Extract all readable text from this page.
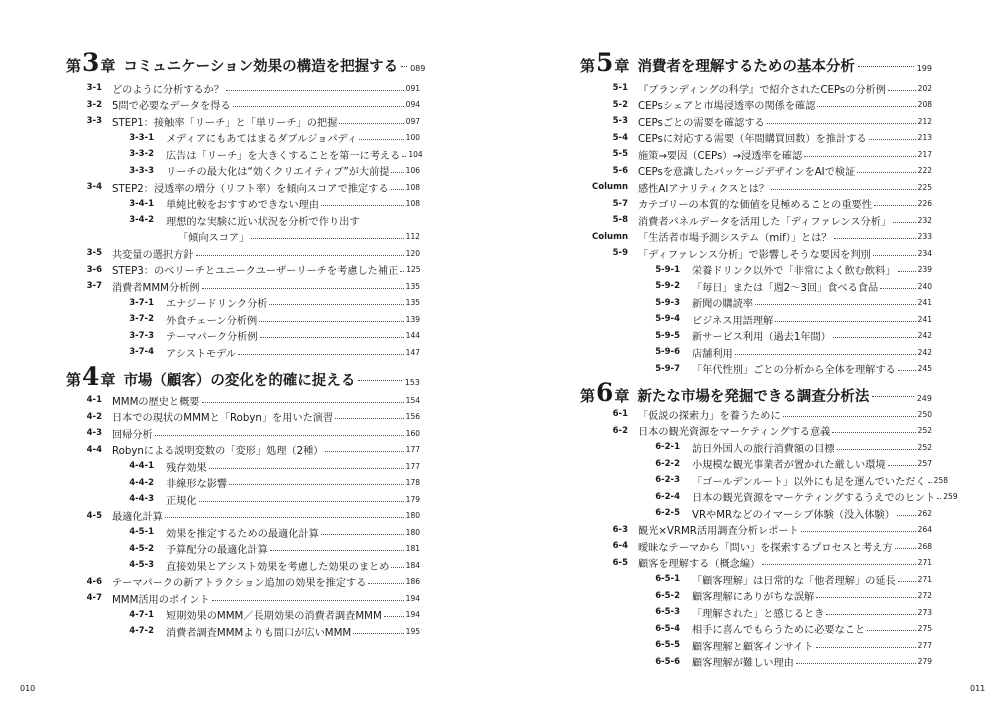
第 3 章 コミュニケーション効果の構造を把握する 089
3-1 どのように分析するか？	091
3-2 5問で必要なデータを得る	094
3-3 STEP1：接触率「リーチ」と「単リーチ」の把握	097
3-3-1	メディアにもあてはまるダブルジョパディ	100
3-3-2	広告は「リーチ」を大きくすることを第一に考える 104
3-3-3	リーチの最大化は“効くクリエイティブ”が大前提 106
3-4 STEP2：浸透率の増分（リフト率）を傾向スコアで推定する 108
3-4-1	単純比較をおすすめできない理由	108
3-4-2	理想的な実験に近い状況を分析で作り出す
「傾向スコア」	112
3-5 共変量の選択方針	120
3-6 STEP3：のべリーチとユニークユーザーリーチを考慮した補正 125
3-7 消費者MMM分析例	135
3-7-1	エナジードリンク分析	135
3-7-2	外食チェーン分析例	139
3-7-3	テーマパーク分析例	144
3-7-4	アシストモデル	147
第 4 章 市場（顧客）の変化を的確に捉える	153
4-1 MMMの歴史と概要	154
4-2 日本での現状のMMMと「Robyn」を用いた演習	156
4-3 回帰分析	160
4-4 Robynによる説明変数の「変形」処理（2種）	177
4-4-1	残存効果	177
4-4-2	非線形な影響	178
4-4-3	正規化	179
4-5 最適化計算	180
4-5-1	効果を推定するための最適化計算	180
4-5-2	予算配分の最適化計算	181
4-5-3	直接効果とアシスト効果を考慮した効果のまとめ 184
4-6 テーマパークの新アトラクション追加の効果を推定する	186
4-7 MMM活用のポイント	194
4-7-1	短期効果のMMM／長期効果の消費者調査MMM	194
4-7-2	消費者調査MMMよりも間口が広いMMM	195
010
第 5 章 消費者を理解するための基本分析	199
5-1 『ブランディングの科学』で紹介されたCEPsの分析例	202
5-2 CEPsシェアと市場浸透率の関係を確認	208
5-3 CEPsごとの需要を確認する	212
5-4 CEPsに対応する需要（年間購買回数）を推計する	213
5-5 施策→要因（CEPs）→浸透率を確認	217
5-6 CEPsを意識したパッケージデザインをAIで検証	222
Column 感性AIアナリティクスとは？	225
5-7 カテゴリーの本質的な価値を見極めることの重要性	226
5-8 消費者パネルデータを活用した「ディファレンス分析」	232
Column 「生活者市場予測システム（mif）」とは？	233
5-9 「ディファレンス分析」で影響しそうな要因を判別	234
5-9-1	栄養ドリンク以外で「非常によく飲む飲料」	239
5-9-2	「毎日」または「週2〜3回」食べる食品	240
5-9-3	新聞の購読率	241
5-9-4	ビジネス用語理解	241
5-9-5	新サービス利用（過去1年間）	242
5-9-6	店舗利用	242
5-9-7	「年代性別」ごとの分析から全体を理解する	245
第 6 章 新たな市場を発掘できる調査分析法	249
6-1 「仮説の探索力」を養うために	250
6-2 日本の観光資源をマーケティングする意義	252
6-2-1	訪日外国人の旅行消費額の目標	252
6-2-2	小規模な観光事業者が置かれた厳しい環境	257
6-2-3	「ゴールデンルート」以外にも足を運んでいただく 258
6-2-4	日本の観光資源をマーケティングするうえでのヒント 259
6-2-5	VRやMRなどのイマーシブ体験（没入体験）	262
6-3 観光×VRMR活用調査分析レポート	264
6-4 曖昧なテーマから「問い」を探索するプロセスと考え方	268
6-5 顧客を理解する（概念編）	271
6-5-1	「顧客理解」は日常的な「他者理解」の延長	271
6-5-2	顧客理解にありがちな誤解	272
6-5-3	「理解された」と感じるとき	273
6-5-4	相手に喜んでもらうために必要なこと	275
6-5-5	顧客理解と顧客インサイト	277
6-5-6	顧客理解が難しい理由	279
011
